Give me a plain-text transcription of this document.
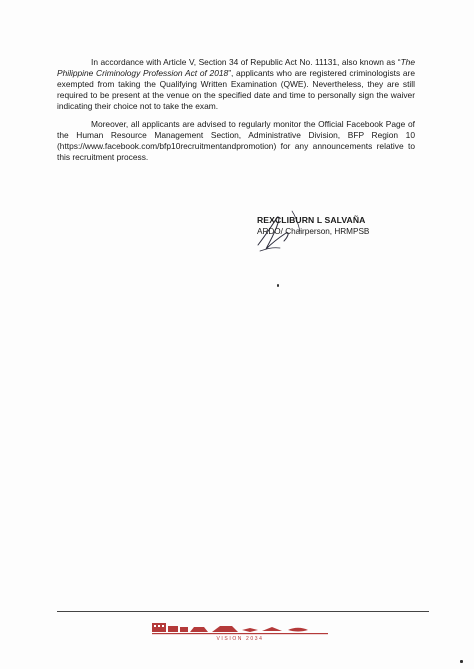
In accordance with Article V, Section 34 of Republic Act No. 11131, also known as “The Philippine Criminology Profession Act of 2018”, applicants who are registered criminologists are exempted from taking the Qualifying Written Examination (QWE). Nevertheless, they are still required to be present at the venue on the specified date and time to personally sign the waiver indicating their choice not to take the exam.

Moreover, all applicants are advised to regularly monitor the Official Facebook Page of the Human Resource Management Section, Administrative Division, BFP Region 10 (https://www.facebook.com/bfp10recruitmentandpromotion) for any announcements relative to this recruitment process.

REXCLIBURN L SALVAÑA
ARDO/ Chairperson, HRMPSB
VISION 2034
